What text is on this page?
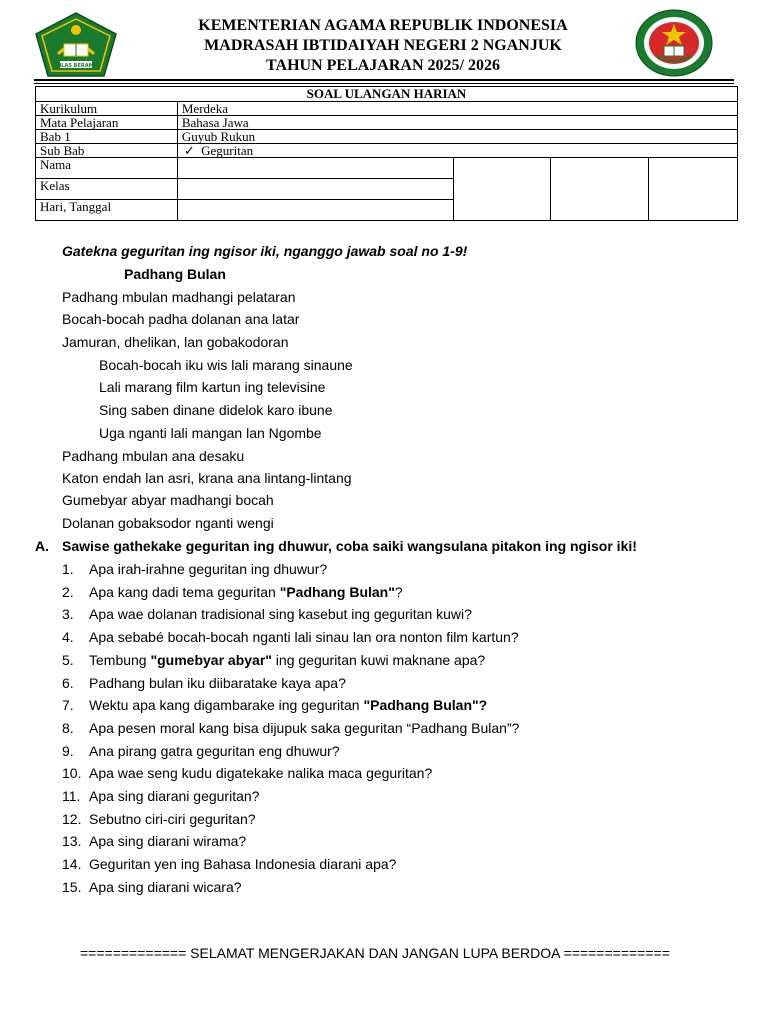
IKHLAS BERAMAL
KEMENTERIAN AGAMA REPUBLIK INDONESIA
MADRASAH IBTIDAIYAH NEGERI 2 NGANJUK
TAHUN PELAJARAN 2025/ 2026
SOAL ULANGAN HARIAN				
Kurikulum	Merdeka			
Mata Pelajaran	Bahasa Jawa			
Bab 1	Guyub Rukun			
Sub Bab	✓ Geguritan			
Nama				
Kelas				
Hari, Tanggal				
Gatekna geguritan ing ngisor iki, nganggo jawab soal no 1-9!
Padhang Bulan
Padhang mbulan madhangi pelataran
Bocah-bocah padha dolanan ana latar
Jamuran, dhelikan, lan gobakodoran
Bocah-bocah iku wis lali marang sinaune
Lali marang film kartun ing televisine
Sing saben dinane didelok karo ibune
Uga nganti lali mangan lan Ngombe
Padhang mbulan ana desaku
Katon endah lan asri, krana ana lintang-lintang
Gumebyar abyar madhangi bocah
Dolanan gobaksodor nganti wengi
A. Sawise gathekake geguritan ing dhuwur, coba saiki wangsulana pitakon ing ngisor iki!
1. Apa irah-irahne geguritan ing dhuwur?
2. Apa kang dadi tema geguritan "Padhang Bulan"?
3. Apa wae dolanan tradisional sing kasebut ing geguritan kuwi?
4. Apa sebabé bocah-bocah nganti lali sinau lan ora nonton film kartun?
5. Tembung "gumebyar abyar" ing geguritan kuwi maknane apa?
6. Padhang bulan iku diibaratake kaya apa?
7. Wektu apa kang digambarake ing geguritan "Padhang Bulan"?
8. Apa pesen moral kang bisa dijupuk saka geguritan “Padhang Bulan”?
9. Ana pirang gatra geguritan eng dhuwur?
10. Apa wae seng kudu digatekake nalika maca geguritan?
11. Apa sing diarani geguritan?
12. Sebutno ciri-ciri geguritan?
13. Apa sing diarani wirama?
14. Geguritan yen ing Bahasa Indonesia diarani apa?
15. Apa sing diarani wicara?
============= SELAMAT MENGERJAKAN DAN JANGAN LUPA BERDOA =============
